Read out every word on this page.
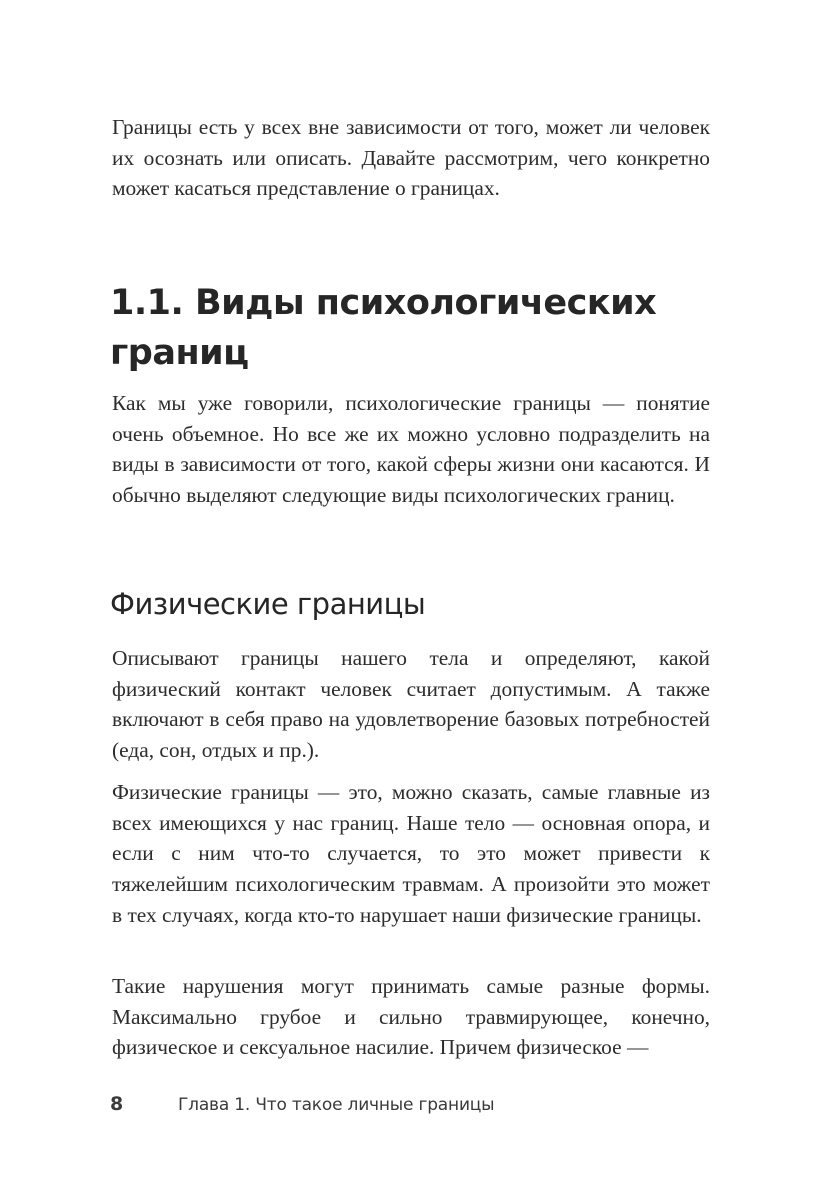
Границы есть у всех вне зависимости от того, может ли человек их осознать или описать. Давайте рассмотрим, чего конкретно может касаться представление о границах.

1.1. Виды психологических
границ

Как мы уже говорили, психологические границы — понятие очень объемное. Но все же их можно условно подразделить на виды в зависимости от того, какой сферы жизни они касаются. И обычно выделяют следующие виды психологических границ.

Физические границы

Описывают границы нашего тела и определяют, какой физический контакт человек считает допустимым. А также включают в себя право на удовлетворение базовых потребностей (еда, сон, отдых и пр.).

Физические границы — это, можно сказать, самые главные из всех имеющихся у нас границ. Наше тело — основная опора, и если с ним что-то случается, то это может привести к тяжелейшим психологическим травмам. А произойти это может в тех случаях, когда кто-то нарушает наши физические границы.

Такие нарушения могут принимать самые разные формы. Максимально грубое и сильно травмирующее, конечно, физическое и сексуальное насилие. Причем физическое —

8	Глава 1. Что такое личные границы
